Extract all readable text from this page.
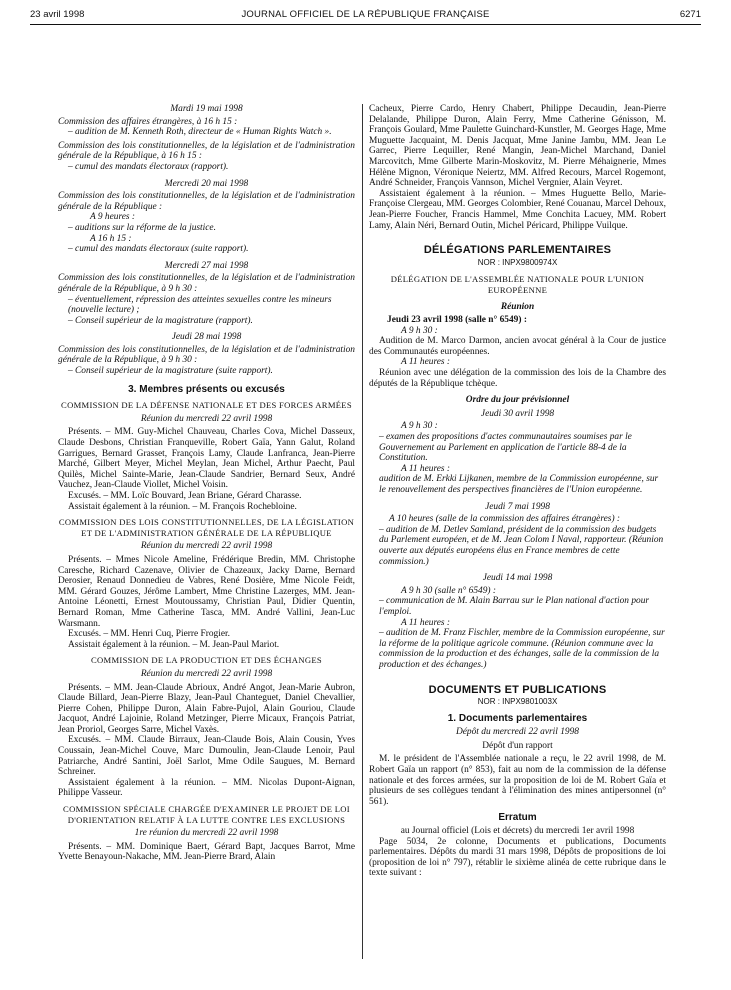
23 avril 1998	JOURNAL OFFICIEL DE LA RÉPUBLIQUE FRANÇAISE	6271

Mardi 19 mai 1998

Commission des affaires étrangères, à 16 h 15 :

– audition de M. Kenneth Roth, directeur de « Human Rights Watch ».

Commission des lois constitutionnelles, de la législation et de l'administration générale de la République, à 16 h 15 :

– cumul des mandats électoraux (rapport).

Mercredi 20 mai 1998

Commission des lois constitutionnelles, de la législation et de l'administration générale de la République :

A 9 heures :

– auditions sur la réforme de la justice.

A 16 h 15 :

– cumul des mandats électoraux (suite rapport).

Mercredi 27 mai 1998

Commission des lois constitutionnelles, de la législation et de l'administration générale de la République, à 9 h 30 :

– éventuellement, répression des atteintes sexuelles contre les mineurs (nouvelle lecture) ;

– Conseil supérieur de la magistrature (rapport).

Jeudi 28 mai 1998

Commission des lois constitutionnelles, de la législation et de l'administration générale de la République, à 9 h 30 :

– Conseil supérieur de la magistrature (suite rapport).

3. Membres présents ou excusés

COMMISSION DE LA DÉFENSE NATIONALE ET DES FORCES ARMÉES

Réunion du mercredi 22 avril 1998

Présents. – MM. Guy-Michel Chauveau, Charles Cova, Michel Dasseux, Claude Desbons, Christian Franqueville, Robert Gaïa, Yann Galut, Roland Garrigues, Bernard Grasset, François Lamy, Claude Lanfranca, Jean-Pierre Marché, Gilbert Meyer, Michel Meylan, Jean Michel, Arthur Paecht, Paul Quilès, Michel Sainte-Marie, Jean-Claude Sandrier, Bernard Seux, André Vauchez, Jean-Claude Viollet, Michel Voisin.

Excusés. – MM. Loïc Bouvard, Jean Briane, Gérard Charasse.

Assistait également à la réunion. – M. François Rochebloine.

COMMISSION DES LOIS CONSTITUTIONNELLES, DE LA LÉGISLATION ET DE L'ADMINISTRATION GÉNÉRALE DE LA RÉPUBLIQUE

Réunion du mercredi 22 avril 1998

Présents. – Mmes Nicole Ameline, Frédérique Bredin, MM. Christophe Caresche, Richard Cazenave, Olivier de Chazeaux, Jacky Darne, Bernard Derosier, Renaud Donnedieu de Vabres, René Dosière, Mme Nicole Feidt, MM. Gérard Gouzes, Jérôme Lambert, Mme Christine Lazerges, MM. Jean-Antoine Léonetti, Ernest Moutoussamy, Christian Paul, Didier Quentin, Bernard Roman, Mme Catherine Tasca, MM. André Vallini, Jean-Luc Warsmann.

Excusés. – MM. Henri Cuq, Pierre Frogier.

Assistait également à la réunion. – M. Jean-Paul Mariot.

COMMISSION DE LA PRODUCTION ET DES ÉCHANGES

Réunion du mercredi 22 avril 1998

Présents. – MM. Jean-Claude Abrioux, André Angot, Jean-Marie Aubron, Claude Billard, Jean-Pierre Blazy, Jean-Paul Chanteguet, Daniel Chevallier, Pierre Cohen, Philippe Duron, Alain Fabre-Pujol, Alain Gouriou, Claude Jacquot, André Lajoinie, Roland Metzinger, Pierre Micaux, François Patriat, Jean Proriol, Georges Sarre, Michel Vaxès.

Excusés. – MM. Claude Birraux, Jean-Claude Bois, Alain Cousin, Yves Coussain, Jean-Michel Couve, Marc Dumoulin, Jean-Claude Lenoir, Paul Patriarche, André Santini, Joël Sarlot, Mme Odile Saugues, M. Bernard Schreiner.

Assistaient également à la réunion. – MM. Nicolas Dupont-Aignan, Philippe Vasseur.

COMMISSION SPÉCIALE CHARGÉE D'EXAMINER LE PROJET DE LOI D'ORIENTATION RELATIF À LA LUTTE CONTRE LES EXCLUSIONS

1re réunion du mercredi 22 avril 1998

Présents. – MM. Dominique Baert, Gérard Bapt, Jacques Barrot, Mme Yvette Benayoun-Nakache, MM. Jean-Pierre Brard, Alain

Cacheux, Pierre Cardo, Henry Chabert, Philippe Decaudin, Jean-Pierre Delalande, Philippe Duron, Alain Ferry, Mme Catherine Génisson, M. François Goulard, Mme Paulette Guinchard-Kunstler, M. Georges Hage, Mme Muguette Jacquaint, M. Denis Jacquat, Mme Janine Jambu, MM. Jean Le Garrec, Pierre Lequiller, René Mangin, Jean-Michel Marchand, Daniel Marcovitch, Mme Gilberte Marin-Moskovitz, M. Pierre Méhaignerie, Mmes Hélène Mignon, Véronique Neiertz, MM. Alfred Recours, Marcel Rogemont, André Schneider, François Vannson, Michel Vergnier, Alain Veyret.

Assistaient également à la réunion. – Mmes Huguette Bello, Marie-Françoise Clergeau, MM. Georges Colombier, René Couanau, Marcel Dehoux, Jean-Pierre Foucher, Francis Hammel, Mme Conchita Lacuey, MM. Robert Lamy, Alain Néri, Bernard Outin, Michel Péricard, Philippe Vuilque.

DÉLÉGATIONS PARLEMENTAIRES

NOR : INPX9800974X

DÉLÉGATION DE L'ASSEMBLÉE NATIONALE POUR L'UNION EUROPÉENNE

Réunion

Jeudi 23 avril 1998 (salle n° 6549) :

A 9 h 30 :

Audition de M. Marco Darmon, ancien avocat général à la Cour de justice des Communautés européennes.

A 11 heures :

Réunion avec une délégation de la commission des lois de la Chambre des députés de la République tchèque.

Ordre du jour prévisionnel

Jeudi 30 avril 1998

A 9 h 30 :

– examen des propositions d'actes communautaires soumises par le Gouvernement au Parlement en application de l'article 88-4 de la Constitution.

A 11 heures :

audition de M. Erkki Lijkanen, membre de la Commission européenne, sur le renouvellement des perspectives financières de l'Union européenne.

Jeudi 7 mai 1998

A 10 heures (salle de la commission des affaires étrangères) :

– audition de M. Detlev Samland, président de la commission des budgets du Parlement européen, et de M. Jean Colom I Naval, rapporteur. (Réunion ouverte aux députés européens élus en France membres de cette commission.)

Jeudi 14 mai 1998

A 9 h 30 (salle n° 6549) :

– communication de M. Alain Barrau sur le Plan national d'action pour l'emploi.

A 11 heures :

– audition de M. Franz Fischler, membre de la Commission européenne, sur la réforme de la politique agricole commune. (Réunion commune avec la commission de la production et des échanges, salle de la commission de la production et des échanges.)

DOCUMENTS ET PUBLICATIONS

NOR : INPX9801003X

1. Documents parlementaires

Dépôt du mercredi 22 avril 1998

Dépôt d'un rapport

M. le président de l'Assemblée nationale a reçu, le 22 avril 1998, de M. Robert Gaïa un rapport (n° 853), fait au nom de la commission de la défense nationale et des forces armées, sur la proposition de loi de M. Robert Gaïa et plusieurs de ses collègues tendant à l'élimination des mines antipersonnel (n° 561).

Erratum

au Journal officiel (Lois et décrets) du mercredi 1er avril 1998

Page 5034, 2e colonne, Documents et publications, Documents parlementaires. Dépôts du mardi 31 mars 1998, Dépôts de propositions de loi (proposition de loi n° 797), rétablir le sixième alinéa de cette rubrique dans le texte suivant :
